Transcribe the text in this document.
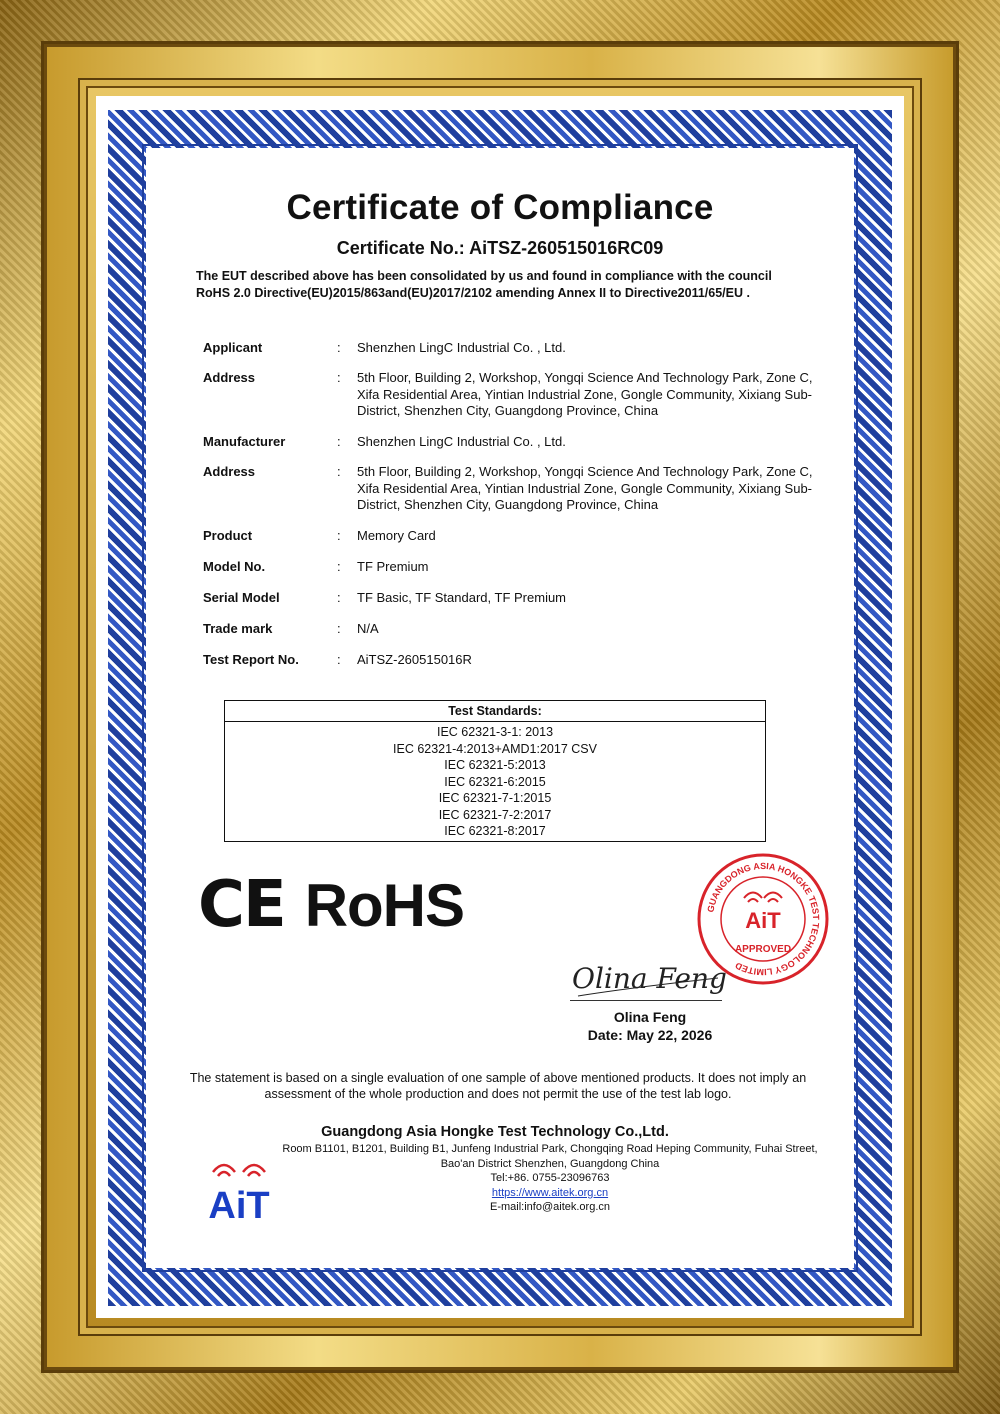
Certificate of Compliance
Certificate No.: AiTSZ-260515016RC09
The EUT described above has been consolidated by us and found in compliance with the council RoHS 2.0 Directive(EU)2015/863and(EU)2017/2102 amending Annex II to Directive2011/65/EU .
Applicant	:	Shenzhen LingC Industrial Co. , Ltd.
Address	:	5th Floor, Building 2, Workshop, Yongqi Science And Technology Park, Zone C, Xifa Residential Area, Yintian Industrial Zone, Gongle Community, Xixiang Sub-District, Shenzhen City, Guangdong Province, China
Manufacturer	:	Shenzhen LingC Industrial Co. , Ltd.
Address	:	5th Floor, Building 2, Workshop, Yongqi Science And Technology Park, Zone C, Xifa Residential Area, Yintian Industrial Zone, Gongle Community, Xixiang Sub-District, Shenzhen City, Guangdong Province, China
Product	:	Memory Card
Model No.	:	TF Premium
Serial Model	:	TF Basic, TF Standard, TF Premium
Trade mark	:	N/A
Test Report No.	:	AiTSZ-260515016R
Test Standards:
IEC 62321-3-1: 2013
IEC 62321-4:2013+AMD1:2017 CSV
IEC 62321-5:2013
IEC 62321-6:2015
IEC 62321-7-1:2015
IEC 62321-7-2:2017
IEC 62321-8:2017
CE RoHS	GUANGDONG ASIA HONGKE TEST TECHNOLOGY LIMITED
AiT
APPROVED
Olina Feng
Olina Feng
Date: May 22, 2026
The statement is based on a single evaluation of one sample of above mentioned products. It does not imply an assessment of the whole production and does not permit the use of the test lab logo.
Guangdong Asia Hongke Test Technology Co.,Ltd.
Room B1101, B1201, Building B1, Junfeng Industrial Park, Chongqing Road Heping Community, Fuhai Street, Bao'an District Shenzhen, Guangdong China
Tel:+86. 0755-23096763
https://www.aitek.org.cn
E-mail:info@aitek.org.cn
AiT
